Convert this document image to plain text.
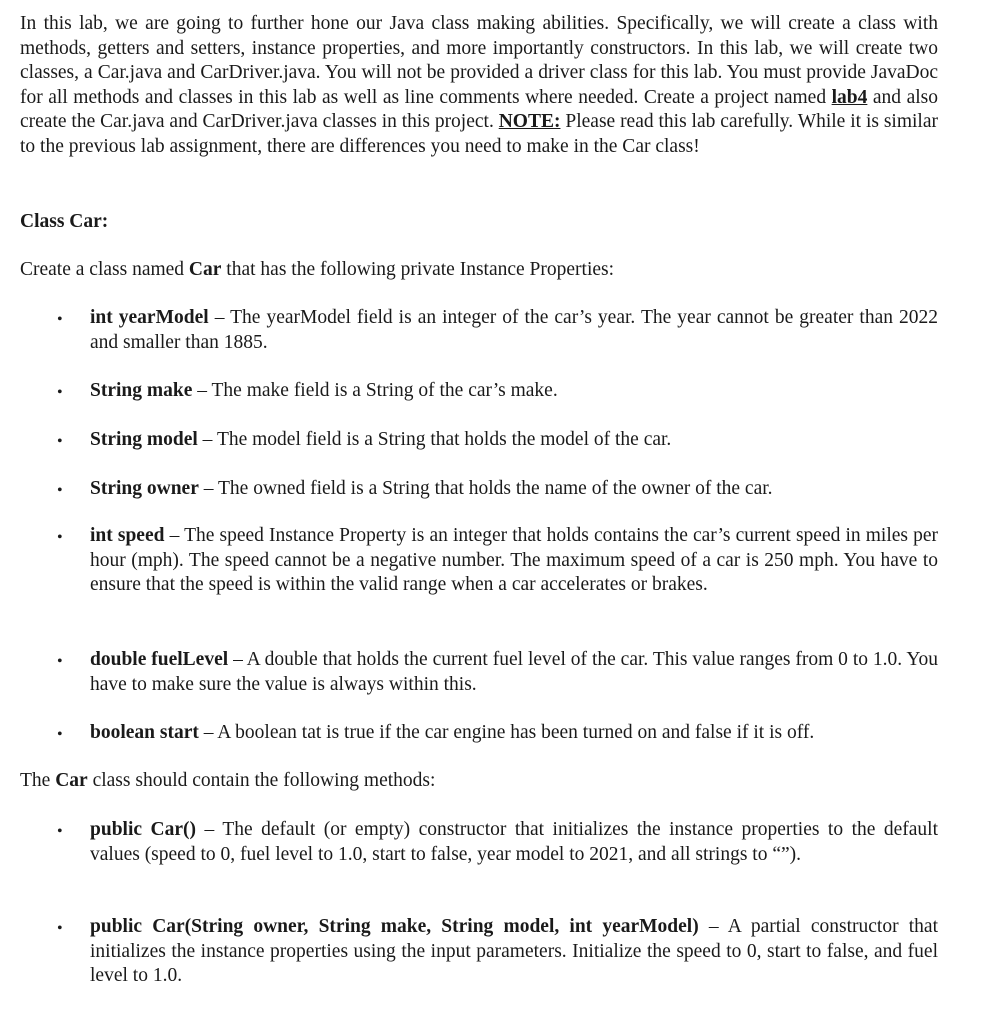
In this lab, we are going to further hone our Java class making abilities. Specifically, we will create a class with methods, getters and setters, instance properties, and more importantly constructors. In this lab, we will create two classes, a Car.java and CarDriver.java. You will not be provided a driver class for this lab. You must provide JavaDoc for all methods and classes in this lab as well as line comments where needed. Create a project named lab4 and also create the Car.java and CarDriver.java classes in this project. NOTE: Please read this lab carefully. While it is similar to the previous lab assignment, there are differences you need to make in the Car class!

Class Car:

Create a class named Car that has the following private Instance Properties:

• int yearModel – The yearModel field is an integer of the car’s year. The year cannot be greater than 2022 and smaller than 1885.

• String make – The make field is a String of the car’s make.

• String model – The model field is a String that holds the model of the car.

• String owner – The owned field is a String that holds the name of the owner of the car.

• int speed – The speed Instance Property is an integer that holds contains the car’s current speed in miles per hour (mph). The speed cannot be a negative number. The maximum speed of a car is 250 mph. You have to ensure that the speed is within the valid range when a car accelerates or brakes.

• double fuelLevel – A double that holds the current fuel level of the car. This value ranges from 0 to 1.0. You have to make sure the value is always within this.

• boolean start – A boolean tat is true if the car engine has been turned on and false if it is off.

The Car class should contain the following methods:

• public Car() – The default (or empty) constructor that initializes the instance properties to the default values (speed to 0, fuel level to 1.0, start to false, year model to 2021, and all strings to “”).

• public Car(String owner, String make, String model, int yearModel) – A partial constructor that initializes the instance properties using the input parameters. Initialize the speed to 0, start to false, and fuel level to 1.0.
